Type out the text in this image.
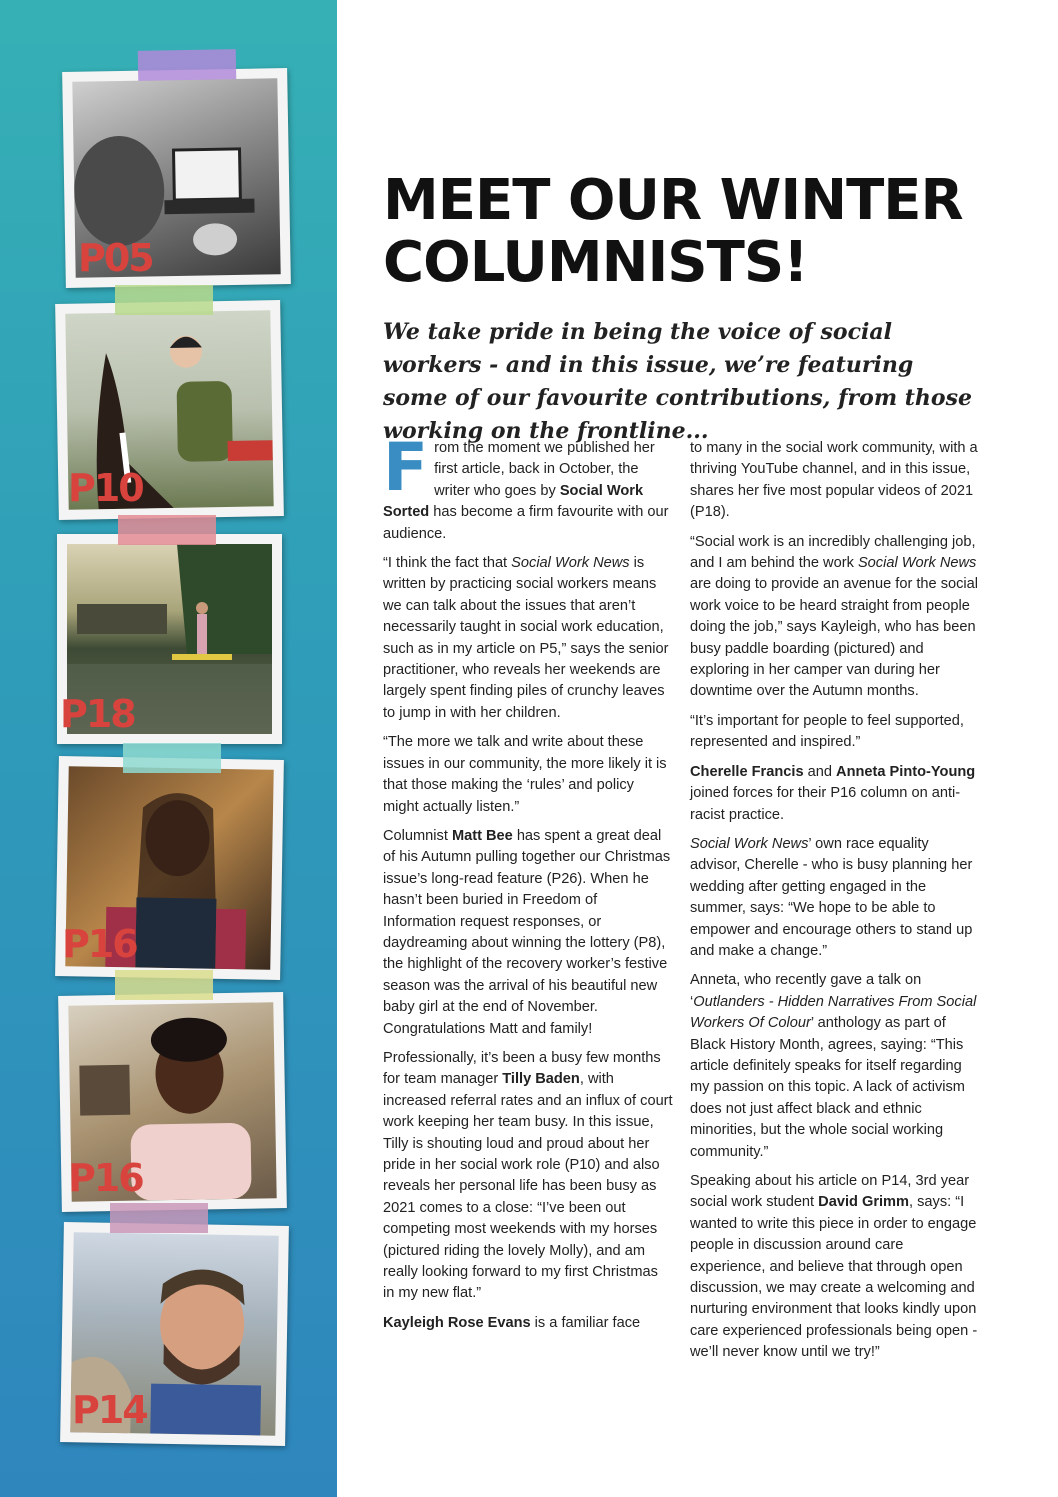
P05
P10
P18
P16
P16
P14
MEET OUR WINTER
COLUMNISTS!

We take pride in being the voice of social workers - and in this issue, we’re featuring some of our favourite contributions, from those working on the frontline...

From the moment we published her first article, back in October, the writer who goes by Social Work Sorted has become a firm favourite with our audience.

“I think the fact that Social Work News is written by practicing social workers means we can talk about the issues that aren’t necessarily taught in social work education, such as in my article on P5,” says the senior practitioner, who reveals her weekends are largely spent finding piles of crunchy leaves to jump in with her children.

“The more we talk and write about these issues in our community, the more likely it is that those making the ‘rules’ and policy might actually listen.”

Columnist Matt Bee has spent a great deal of his Autumn pulling together our Christmas issue’s long-read feature (P26). When he hasn’t been buried in Freedom of Information request responses, or daydreaming about winning the lottery (P8), the highlight of the recovery worker’s festive season was the arrival of his beautiful new baby girl at the end of November. Congratulations Matt and family!

Professionally, it’s been a busy few months for team manager Tilly Baden, with increased referral rates and an influx of court work keeping her team busy. In this issue, Tilly is shouting loud and proud about her pride in her social work role (P10) and also reveals her personal life has been busy as 2021 comes to a close: “I’ve been out competing most weekends with my horses (pictured riding the lovely Molly), and am really looking forward to my first Christmas in my new flat.”

Kayleigh Rose Evans is a familiar face

to many in the social work community, with a thriving YouTube channel, and in this issue, shares her five most popular videos of 2021 (P18).

“Social work is an incredibly challenging job, and I am behind the work Social Work News are doing to provide an avenue for the social work voice to be heard straight from people doing the job,” says Kayleigh, who has been busy paddle boarding (pictured) and exploring in her camper van during her downtime over the Autumn months.

“It’s important for people to feel supported, represented and inspired.”

Cherelle Francis and Anneta Pinto-Young joined forces for their P16 column on anti-racist practice.

Social Work News’ own race equality advisor, Cherelle - who is busy planning her wedding after getting engaged in the summer, says: “We hope to be able to empower and encourage others to stand up and make a change.”

Anneta, who recently gave a talk on ‘Outlanders - Hidden Narratives From Social Workers Of Colour’ anthology as part of Black History Month, agrees, saying: “This article definitely speaks for itself regarding my passion on this topic. A lack of activism does not just affect black and ethnic minorities, but the whole social working community.”

Speaking about his article on P14, 3rd year social work student David Grimm, says: “I wanted to write this piece in order to engage people in discussion around care experience, and believe that through open discussion, we may create a welcoming and nurturing environment that looks kindly upon care experienced professionals being open - we’ll never know until we try!”
